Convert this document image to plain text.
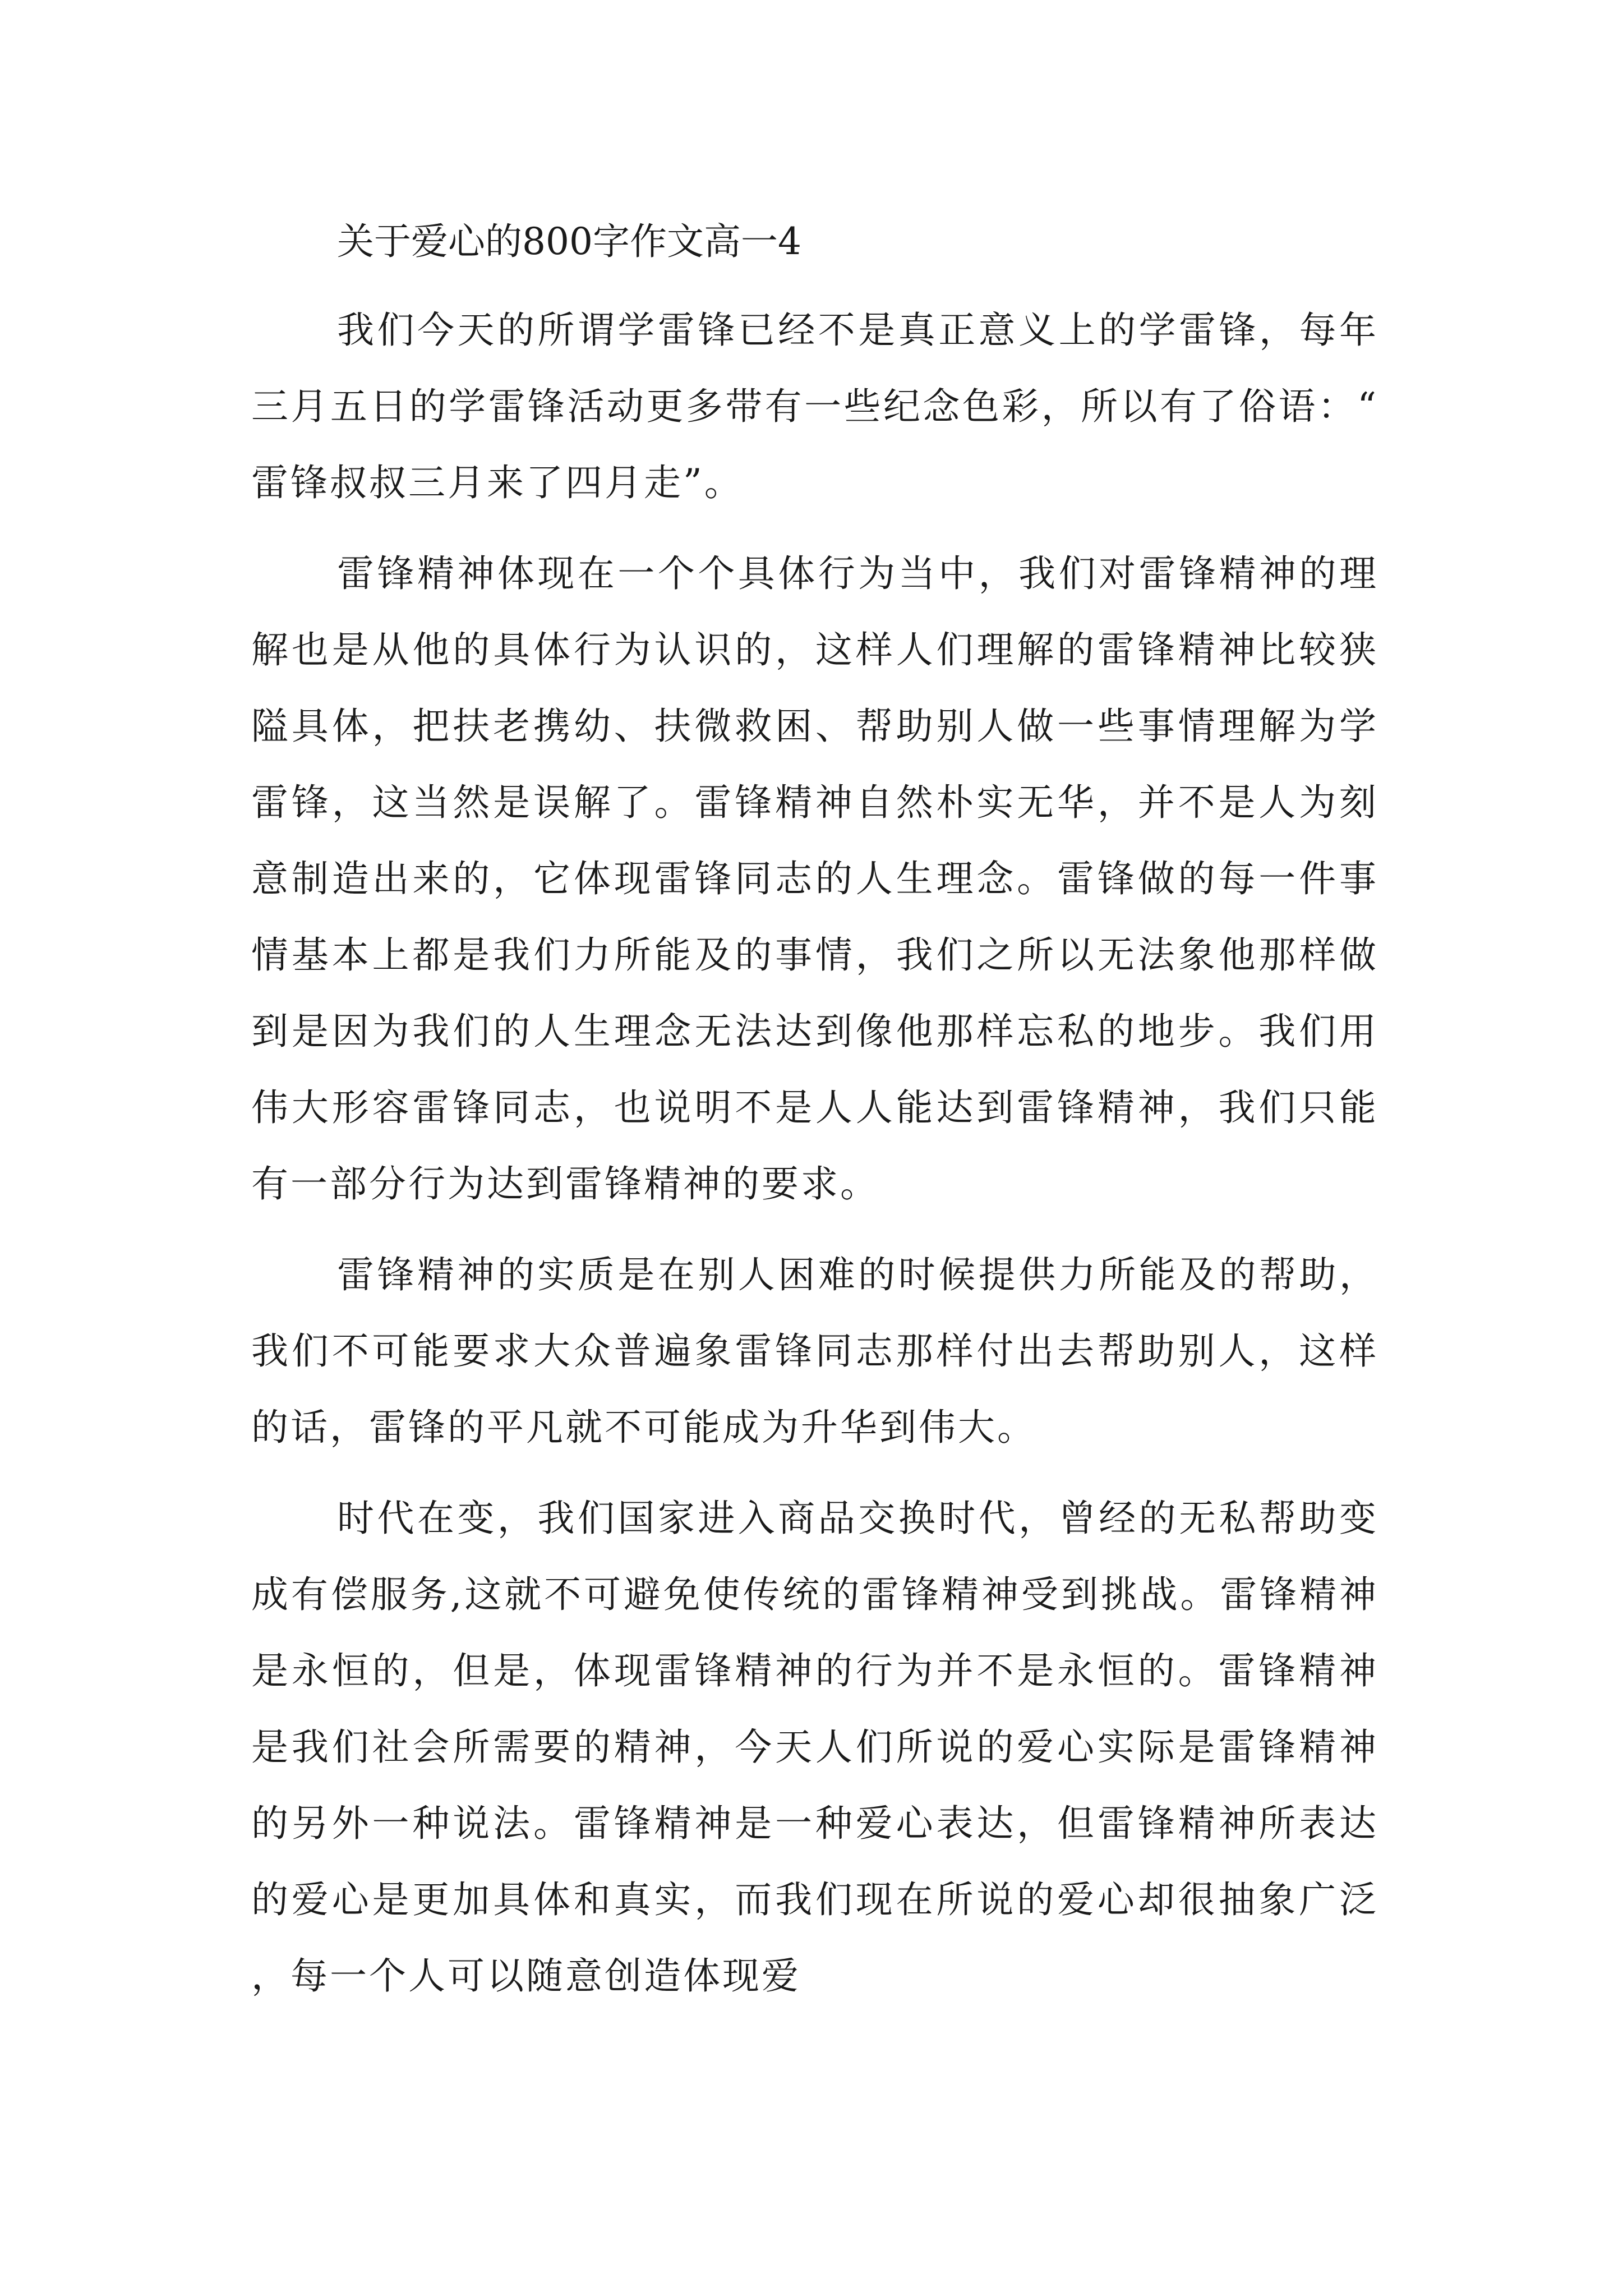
关于爱心的800字作文高一4

我们今天的所谓学雷锋已经不是真正意义上的学雷锋，每年三月五日的学雷锋活动更多带有一些纪念色彩，所以有了俗语：“雷锋叔叔三月来了四月走”。

雷锋精神体现在一个个具体行为当中，我们对雷锋精神的理解也是从他的具体行为认识的，这样人们理解的雷锋精神比较狭隘具体，把扶老携幼、扶微救困、帮助别人做一些事情理解为学雷锋，这当然是误解了。雷锋精神自然朴实无华，并不是人为刻意制造出来的，它体现雷锋同志的人生理念。雷锋做的每一件事情基本上都是我们力所能及的事情，我们之所以无法象他那样做到是因为我们的人生理念无法达到像他那样忘私的地步。我们用伟大形容雷锋同志，也说明不是人人能达到雷锋精神，我们只能有一部分行为达到雷锋精神的要求。

雷锋精神的实质是在别人困难的时候提供力所能及的帮助，我们不可能要求大众普遍象雷锋同志那样付出去帮助别人，这样的话，雷锋的平凡就不可能成为升华到伟大。

时代在变，我们国家进入商品交换时代，曾经的无私帮助变成有偿服务,这就不可避免使传统的雷锋精神受到挑战。雷锋精神是永恒的，但是，体现雷锋精神的行为并不是永恒的。雷锋精神是我们社会所需要的精神，今天人们所说的爱心实际是雷锋精神的另外一种说法。雷锋精神是一种爱心表达，但雷锋精神所表达的爱心是更加具体和真实，而我们现在所说的爱心却很抽象广泛，每一个人可以随意创造体现爱
